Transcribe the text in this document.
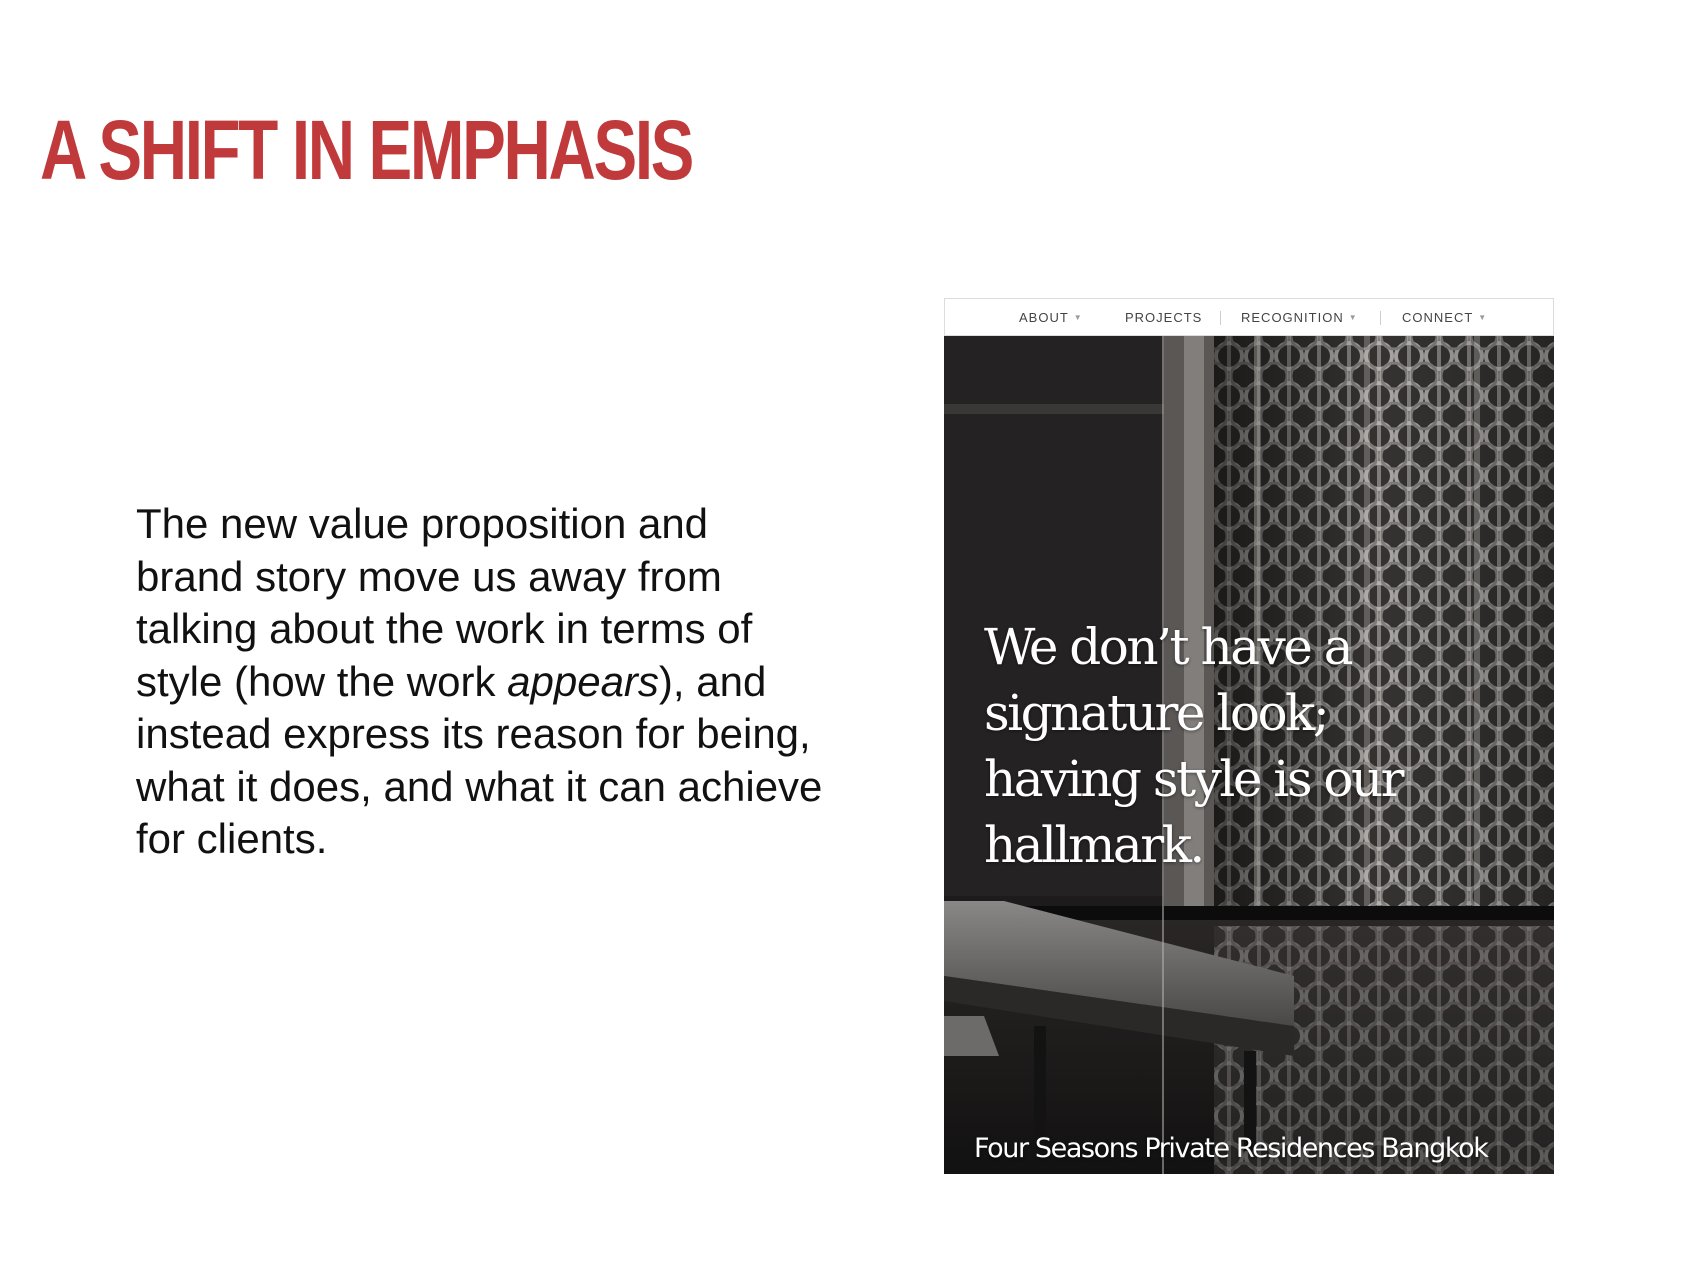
A SHIFT IN EMPHASIS

The new value proposition and
brand story move us away from
talking about the work in terms of
style (how the work appears), and
instead express its reason for being,
what it does, and what it can achieve
for clients.

ABOUT ▼	PROJECTS	RECOGNITION ▼	CONNECT ▼

We don’t have a
signature look;
having style is our
hallmark.

Four Seasons Private Residences Bangkok
